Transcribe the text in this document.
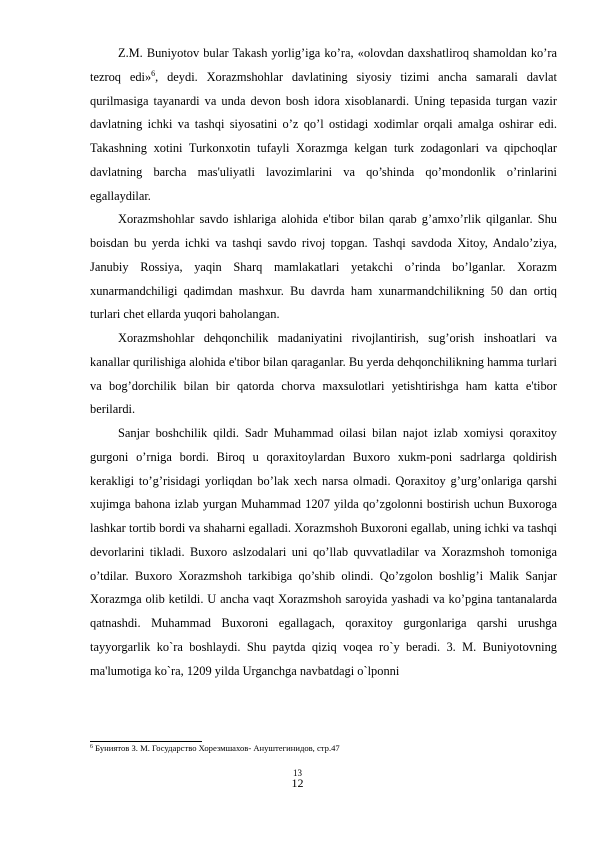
Z.M. Buniyotov bular Takash yorlig’iga ko’ra, «olovdan daxshatliroq shamoldan ko’ra tezroq edi»$^6$, deydi. Xorazmshohlar davlatining siyosiy tizimi ancha samarali davlat qurilmasiga tayanardi va unda devon bosh idora xisoblanardi. Uning tepasida turgan vazir davlatning ichki va tashqi siyosatini o’z qo’l ostidagi xodimlar orqali amalga oshirar edi. Takashning xotini Turkonxotin tufayli Xorazmga kelgan turk zodagonlari va qipchoqlar davlatning barcha mas'uliyatli lavozimlarini va qo’shinda qo’mondonlik o’rinlarini egallaydilar.

Xorazmshohlar savdo ishlariga alohida e'tibor bilan qarab g’amxo’rlik qilganlar. Shu boisdan bu yerda ichki va tashqi savdo rivoj topgan. Tashqi savdoda Xitoy, Andalo’ziya, Janubiy Rossiya, yaqin Sharq mamlakatlari yetakchi o’rinda bo’lganlar. Xorazm xunarmandchiligi qadimdan mashxur. Bu davrda ham xunarmandchilikning 50 dan ortiq turlari chet ellarda yuqori baholangan.

Xorazmshohlar dehqonchilik madaniyatini rivojlantirish, sug’orish inshoatlari va kanallar qurilishiga alohida e'tibor bilan qaraganlar. Bu yerda dehqonchilikning hamma turlari va bog’dorchilik bilan bir qatorda chorva maxsulotlari yetishtirishga ham katta e'tibor berilardi.

Sanjar boshchilik qildi. Sadr Muhammad oilasi bilan najot izlab xomiysi qoraxitoy gurgoni o’rniga bordi. Biroq u qoraxitoylardan Buxoro xukm-poni sadrlarga qoldirish kerakligi to’g’risidagi yorliqdan bo’lak xech narsa olmadi. Qoraxitoy g’urg’onlariga qarshi xujimga bahona izlab yurgan Muhammad 1207 yilda qo’zgolonni bostirish uchun Buxoroga lashkar tortib bordi va shaharni egalladi. Xorazmshoh Buxoroni egallab, uning ichki va tashqi devorlarini tikladi. Buxoro aslzodalari uni qo’llab quvvatladilar va Xorazmshoh tomoniga o’tdilar. Buxoro Xorazmshoh tarkibiga qo’shib olindi. Qo’zgolon boshlig’i Malik Sanjar Xorazmga olib ketildi. U ancha vaqt Xorazmshoh saroyida yashadi va ko’pgina tantanalarda qatnashdi. Muhammad Buxoroni egallagach, qoraxitoy gurgonlariga qarshi urushga tayyorgarlik ko`ra boshlaydi. Shu paytda qiziq voqea ro`y beradi. 3. M. Buniyotovning ma'lumotiga ko`ra, 1209 yilda Urganchga navbatdagi o`lponni

$^6$ Буниятов З. М. Государство Хорезмшахов- Ануштегинидов, стр.47

13
12
